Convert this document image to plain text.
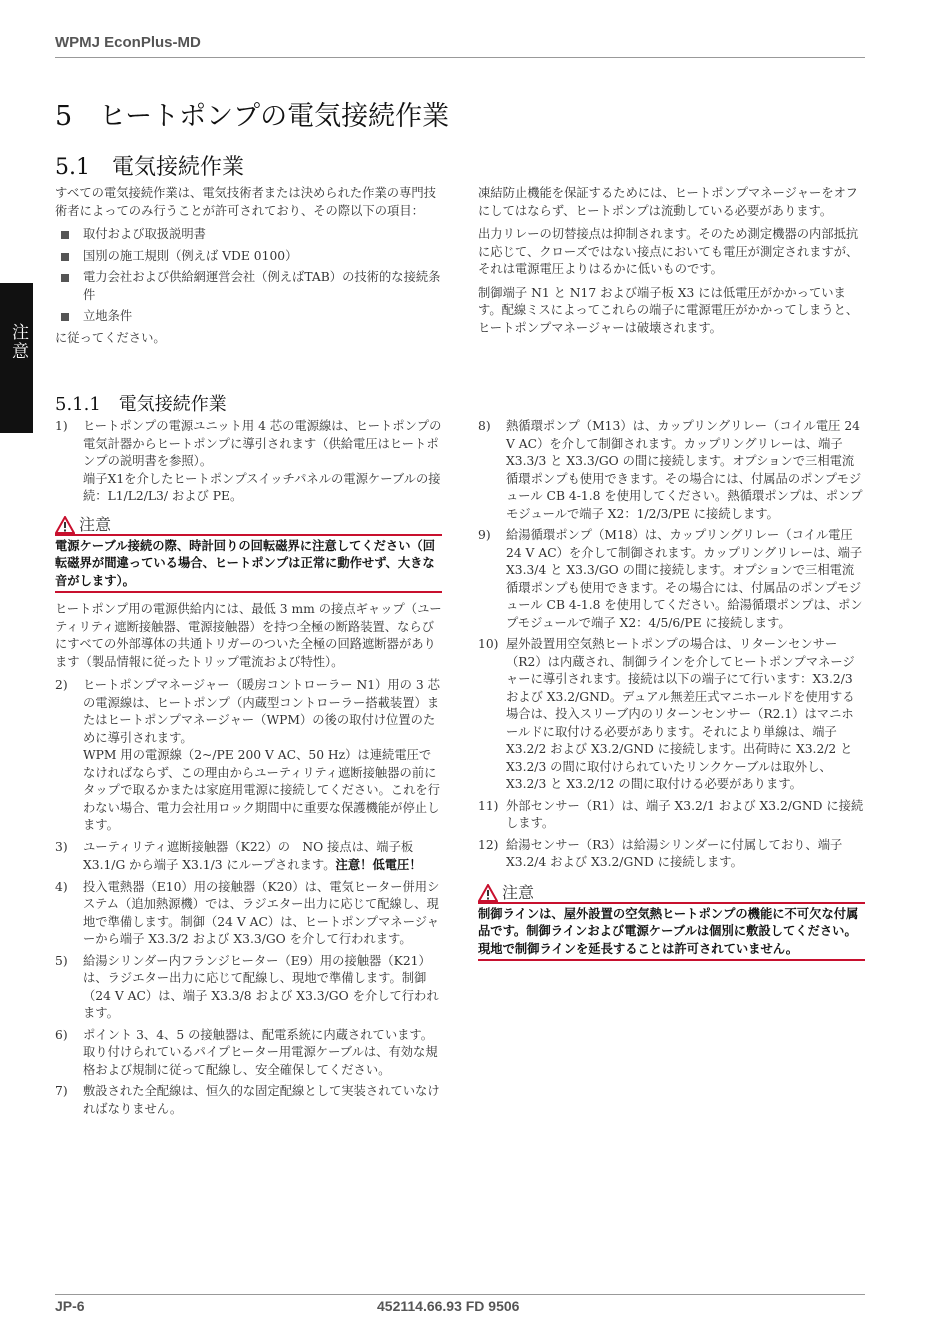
WPMJ EconPlus-MD
注意
5　ヒートポンプの電気接続作業
5.1　電気接続作業

すべての電気接続作業は、電気技術者または決められた作業の専門技術者によってのみ行うことが許可されており、その際以下の項目：

取付および取扱説明書
国別の施工規則（例えば VDE 0100）
電力会社および供給網運営会社（例えばTAB）の技術的な接続条件
立地条件

に従ってください。

凍結防止機能を保証するためには、ヒートポンプマネージャーをオフにしてはならず、ヒートポンプは流動している必要があります。

出力リレーの切替接点は抑制されます。そのため測定機器の内部抵抗に応じて、クローズではない接点においても電圧が測定されますが、それは電源電圧よりはるかに低いものです。

制御端子 N1 と N17 および端子板 X3 には低電圧がかかっています。配線ミスによってこれらの端子に電源電圧がかかってしまうと、ヒートポンプマネージャーは破壊されます。

5.1.1　電気接続作業
1) ヒートポンプの電源ユニット用 4 芯の電源線は、ヒートポンプの電気計器からヒートポンプに導引されます（供給電圧はヒートポンプの説明書を参照）。
端子X1を介したヒートポンプスイッチパネルの電源ケーブルの接続：L1/L2/L3/ および PE。
注意
電源ケーブル接続の際、時計回りの回転磁界に注意してください（回転磁界が間違っている場合、ヒートポンプは正常に動作せず、大きな音がします）。

ヒートポンプ用の電源供給内には、最低 3 mm の接点ギャップ（ユーティリティ遮断接触器、電源接触器）を持つ全極の断路装置、ならびにすべての外部導体の共通トリガーのついた全極の回路遮断器があります（製品情報に従ったトリップ電流および特性）。

2) ヒートポンプマネージャー（暖房コントローラー N1）用の 3 芯の電源線は、ヒートポンプ（内蔵型コントローラー搭載装置）またはヒートポンプマネージャー（WPM）の後の取付け位置のために導引されます。
WPM 用の電源線（2~/PE 200 V AC、50 Hz）は連続電圧でなければならず、この理由からユーティリティ遮断接触器の前にタップで取るかまたは家庭用電源に接続してください。これを行わない場合、電力会社用ロック期間中に重要な保護機能が停止します。
3) ユーティリティ遮断接触器（K22）の　NO 接点は、端子板 X3.1/G から端子 X3.1/3 にループされます。注意！低電圧！
4) 投入電熱器（E10）用の接触器（K20）は、電気ヒーター併用システム（追加熱源機）では、ラジエター出力に応じて配線し、現地で準備します。制御（24 V AC）は、ヒートポンプマネージャーから端子 X3.3/2 および X3.3/GO を介して行われます。
5) 給湯シリンダー内フランジヒーター（E9）用の接触器（K21）は、ラジエター出力に応じて配線し、現地で準備します。制御（24 V AC）は、端子 X3.3/8 および X3.3/GO を介して行われます。
6) ポイント 3、4、5 の接触器は、配電系統に内蔵されています。取り付けられているパイプヒーター用電源ケーブルは、有効な規格および規制に従って配線し、安全確保してください。
7) 敷設された全配線は、恒久的な固定配線として実装されていなければなりません。
8) 熱循環ポンプ（M13）は、カップリングリレー（コイル電圧 24 V AC）を介して制御されます。カップリングリレーは、端子 X3.3/3 と X3.3/GO の間に接続します。オプションで三相電流循環ポンプも使用できます。その場合には、付属品のポンプモジュール CB 4-1.8 を使用してください。熱循環ポンプは、ポンプモジュールで端子 X2：1/2/3/PE に接続します。
9) 給湯循環ポンプ（M18）は、カップリングリレー（コイル電圧 24 V AC）を介して制御されます。カップリングリレーは、端子 X3.3/4 と X3.3/GO の間に接続します。オプションで三相電流循環ポンプも使用できます。その場合には、付属品のポンプモジュール CB 4-1.8 を使用してください。給湯循環ポンプは、ポンプモジュールで端子 X2：4/5/6/PE に接続します。
10) 屋外設置用空気熱ヒートポンプの場合は、リターンセンサー（R2）は内蔵され、制御ラインを介してヒートポンプマネージャーに導引されます。接続は以下の端子にて行います：X3.2/3 および X3.2/GND。デュアル無差圧式マニホールドを使用する場合は、投入スリーブ内のリターンセンサー（R2.1）はマニホールドに取付ける必要があります。それにより単線は、端子 X3.2/2 および X3.2/GND に接続します。出荷時に X3.2/2 と X3.2/3 の間に取付けられていたリンクケーブルは取外し、X3.2/3 と X3.2/12 の間に取付ける必要があります。
11) 外部センサー（R1）は、端子 X3.2/1 および X3.2/GND に接続します。
12) 給湯センサー（R3）は給湯シリンダーに付属しており、端子 X3.2/4 および X3.2/GND に接続します。
注意
制御ラインは、屋外設置の空気熱ヒートポンプの機能に不可欠な付属品です。制御ラインおよび電源ケーブルは個別に敷設してください。現地で制御ラインを延長することは許可されていません。
JP-6	452114.66.93 FD 9506
